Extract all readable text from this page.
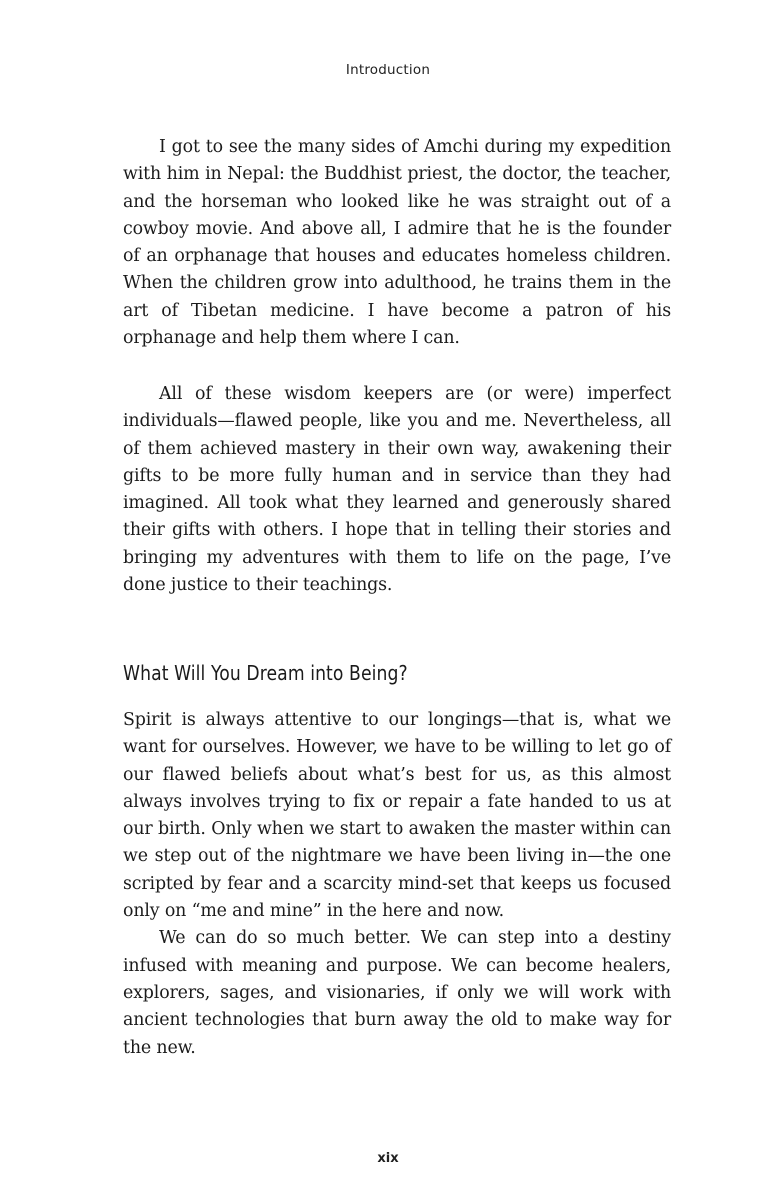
Introduction

I got to see the many sides of Amchi during my expedition with him in Nepal: the Buddhist priest, the doctor, the teacher, and the horseman who looked like he was straight out of a cowboy movie. And above all, I admire that he is the founder of an orphanage that houses and educates homeless children. When the children grow into adulthood, he trains them in the art of Tibetan medicine. I have become a patron of his orphanage and help them where I can.

All of these wisdom keepers are (or were) imperfect individuals—flawed people, like you and me. Nevertheless, all of them achieved mastery in their own way, awakening their gifts to be more fully human and in service than they had imagined. All took what they learned and generously shared their gifts with others. I hope that in telling their stories and bringing my adventures with them to life on the page, I’ve done justice to their teachings.

What Will You Dream into Being?

Spirit is always attentive to our longings—that is, what we want for ourselves. However, we have to be willing to let go of our flawed beliefs about what’s best for us, as this almost always involves trying to fix or repair a fate handed to us at our birth. Only when we start to awaken the master within can we step out of the nightmare we have been living in—the one scripted by fear and a scarcity mind-set that keeps us focused only on “me and mine” in the here and now.

We can do so much better. We can step into a destiny infused with meaning and purpose. We can become healers, explorers, sages, and visionaries, if only we will work with ancient technologies that burn away the old to make way for the new.

xix
